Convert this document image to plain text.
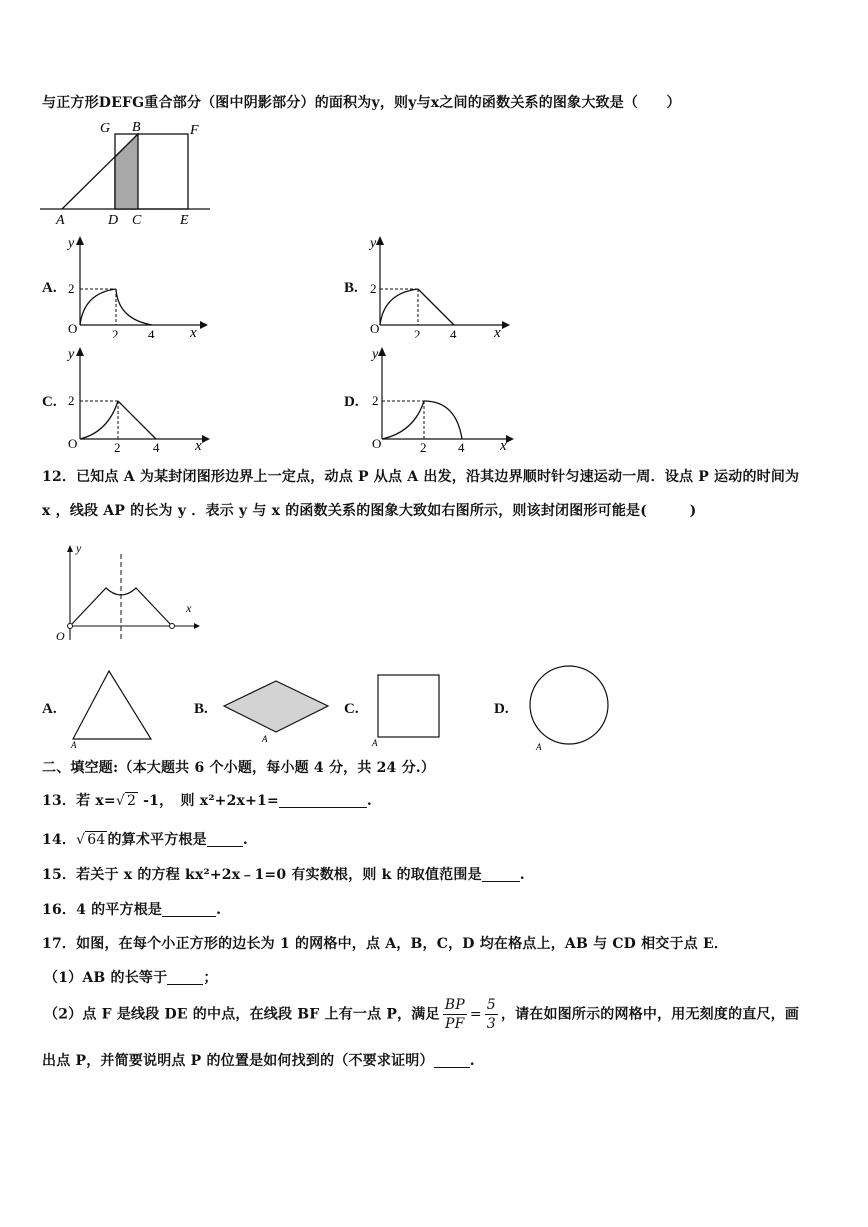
与正方形DEFG重合部分（图中阴影部分）的面积为y，则y与x之间的函数关系的图象大致是（　　）
G B	F
A	D C	E
A.
y
2
O	2 4 x
B.
y
2
O	2 4	x
C.
y
2
O	2	4 x
D.
y
2
O	2 4 x
12．已知点 A 为某封闭图形边界上一定点，动点 P 从点 A 出发，沿其边界顺时针匀速运动一周．设点 P 运动的时间为
x ，线段 AP 的长为 y ．表示 y 与 x 的函数关系的图象大致如右图所示，则该封闭图形可能是(　　　)
y
x
O
A.
A
B.
A
C.
A
D.
A
二、填空题:（本大题共 6 个小题，每小题 4 分，共 24 分.）
13．若 x=√ 2 -1，　则 x²+2x+1=	.
14．√ 64 的算术平方根是	.
15．若关于 x 的方程 kx²+2x﹣1=0 有实数根，则 k 的取值范围是	.
16．4 的平方根是	.
17．如图，在每个小正方形的边长为 1 的网格中，点 A，B，C，D 均在格点上，AB 与 CD 相交于点 E．
（1）AB 的长等于	；
（2）点 F 是线段 DE 的中点，在线段 BF 上有一点 P，满足 $\frac{BP}{PF} = \frac{5}{3}$ ，请在如图所示的网格中，用无刻度的直尺，画
出点 P，并简要说明点 P 的位置是如何找到的（不要求证明）	.
